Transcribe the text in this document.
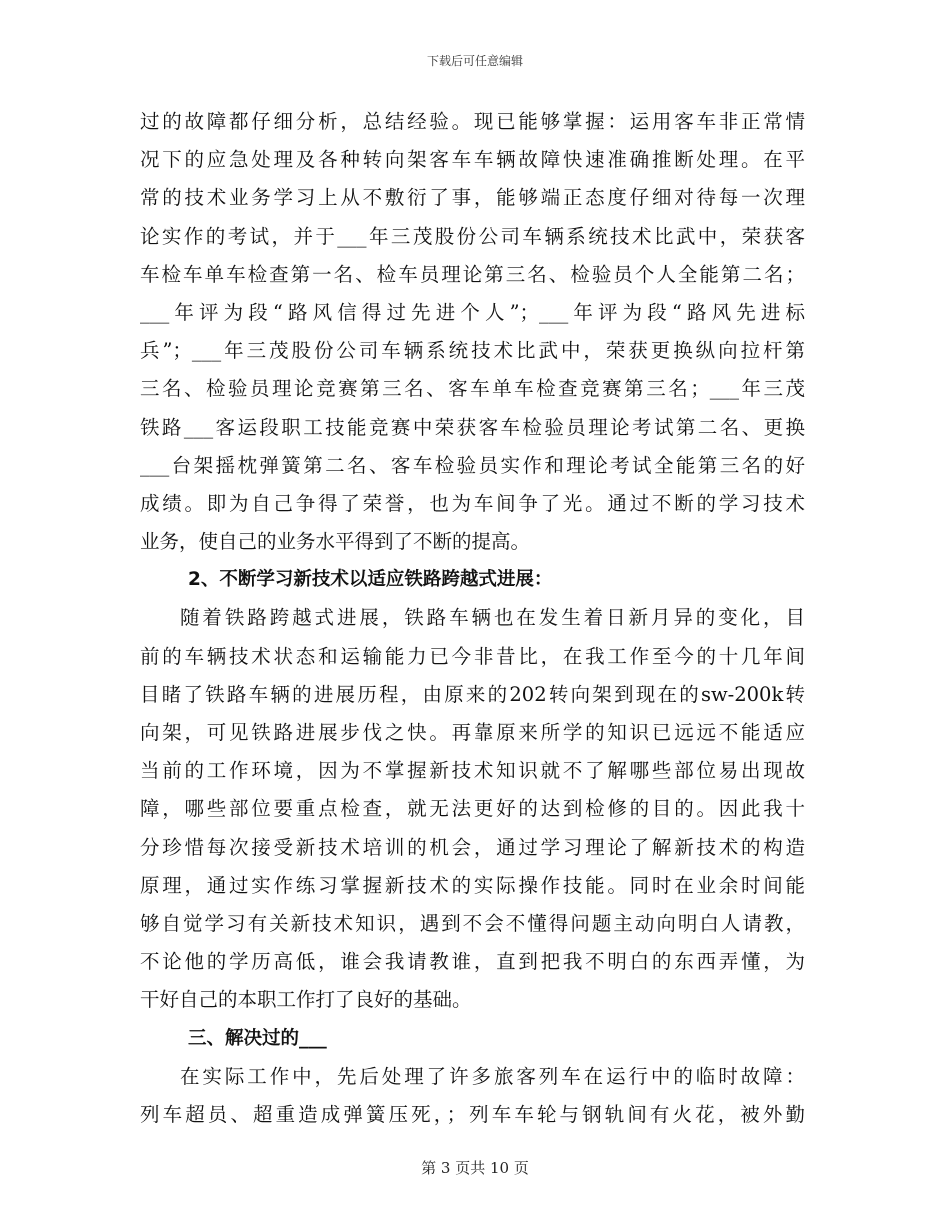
下载后可任意编辑
过的故障都仔细分析，总结经验。现已能够掌握：运用客车非正常情
况下的应急处理及各种转向架客车车辆故障快速准确推断处理。在平
常的技术业务学习上从不敷衍了事，能够端正态度仔细对待每一次理
论实作的考试，并于___年三茂股份公司车辆系统技术比武中，荣获客
车检车单车检查第一名、检车员理论第三名、检验员个人全能第二名；
___年评为段“路风信得过先进个人”；___年评为段“路风先进标
兵”；___年三茂股份公司车辆系统技术比武中，荣获更换纵向拉杆第
三名、检验员理论竞赛第三名、客车单车检查竞赛第三名；___年三茂
铁路___客运段职工技能竞赛中荣获客车检验员理论考试第二名、更换
___台架摇枕弹簧第二名、客车检验员实作和理论考试全能第三名的好
成绩。即为自己争得了荣誉，也为车间争了光。通过不断的学习技术
业务，使自己的业务水平得到了不断的提高。
2、不断学习新技术以适应铁路跨越式进展：
随着铁路跨越式进展，铁路车辆也在发生着日新月异的变化，目
前的车辆技术状态和运输能力已今非昔比，在我工作至今的十几年间
目睹了铁路车辆的进展历程，由原来的202转向架到现在的sw-200k转
向架，可见铁路进展步伐之快。再靠原来所学的知识已远远不能适应
当前的工作环境，因为不掌握新技术知识就不了解哪些部位易出现故
障，哪些部位要重点检查，就无法更好的达到检修的目的。因此我十
分珍惜每次接受新技术培训的机会，通过学习理论了解新技术的构造
原理，通过实作练习掌握新技术的实际操作技能。同时在业余时间能
够自觉学习有关新技术知识，遇到不会不懂得问题主动向明白人请教，
不论他的学历高低，谁会我请教谁，直到把我不明白的东西弄懂，为
干好自己的本职工作打了良好的基础。
三、解决过的___
在实际工作中，先后处理了许多旅客列车在运行中的临时故障：
列车超员、超重造成弹簧压死，；列车车轮与钢轨间有火花，被外勤
第 3 页共 10 页
